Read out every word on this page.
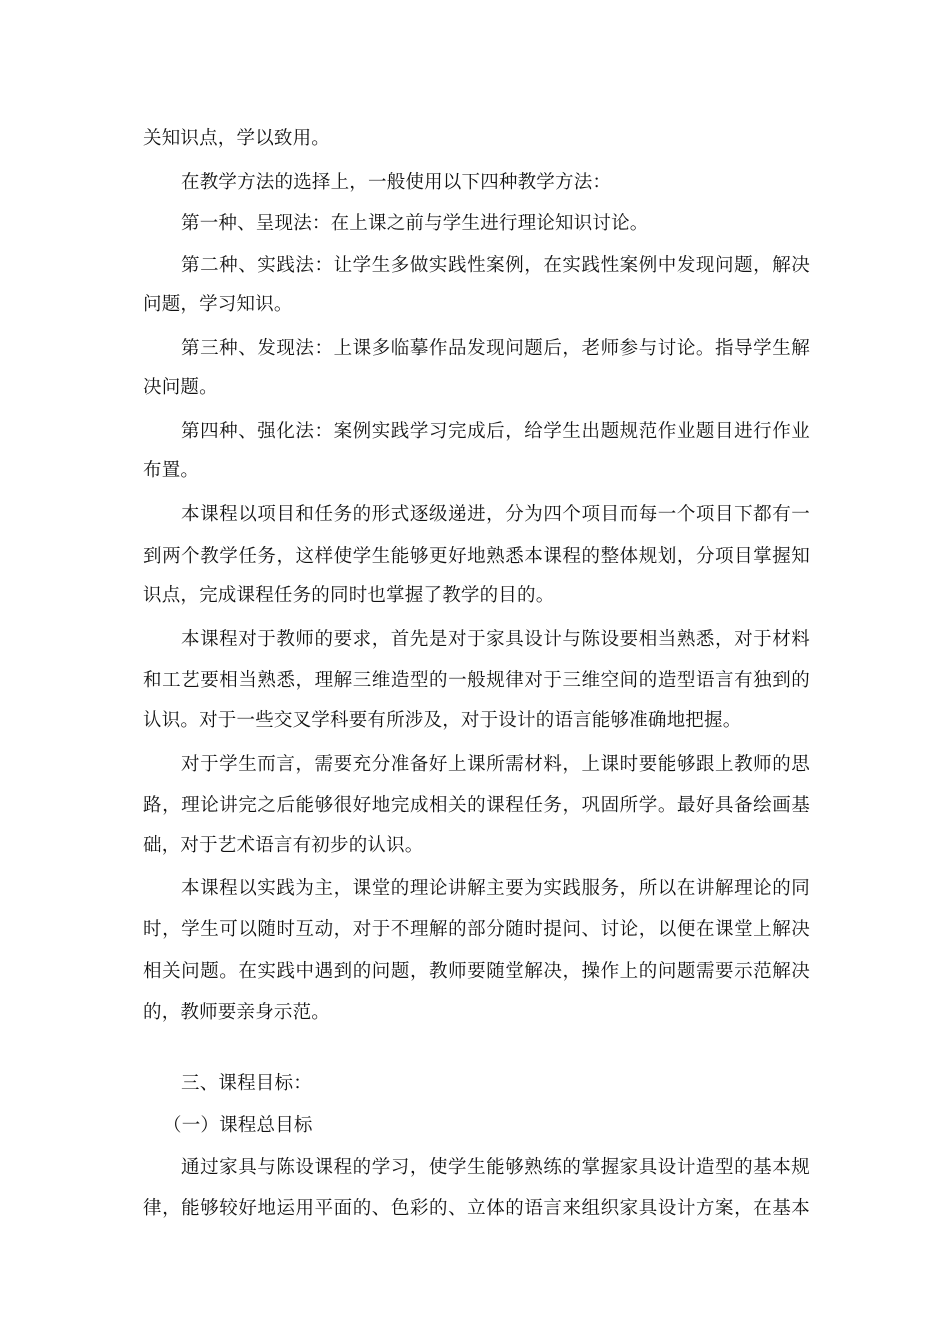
关知识点，学以致用。
在教学方法的选择上，一般使用以下四种教学方法：
第一种、呈现法：在上课之前与学生进行理论知识讨论。
第二种、实践法：让学生多做实践性案例，在实践性案例中发现问题，解决
问题，学习知识。
第三种、发现法：上课多临摹作品发现问题后，老师参与讨论。指导学生解
决问题。
第四种、强化法：案例实践学习完成后，给学生出题规范作业题目进行作业
布置。
本课程以项目和任务的形式逐级递进，分为四个项目而每一个项目下都有一
到两个教学任务，这样使学生能够更好地熟悉本课程的整体规划，分项目掌握知
识点，完成课程任务的同时也掌握了教学的目的。
本课程对于教师的要求，首先是对于家具设计与陈设要相当熟悉，对于材料
和工艺要相当熟悉，理解三维造型的一般规律对于三维空间的造型语言有独到的
认识。对于一些交叉学科要有所涉及，对于设计的语言能够准确地把握。
对于学生而言，需要充分准备好上课所需材料，上课时要能够跟上教师的思
路，理论讲完之后能够很好地完成相关的课程任务，巩固所学。最好具备绘画基
础，对于艺术语言有初步的认识。
本课程以实践为主，课堂的理论讲解主要为实践服务，所以在讲解理论的同
时，学生可以随时互动，对于不理解的部分随时提问、讨论，以便在课堂上解决
相关问题。在实践中遇到的问题，教师要随堂解决，操作上的问题需要示范解决
的，教师要亲身示范。
三、课程目标：
（一）课程总目标
通过家具与陈设课程的学习，使学生能够熟练的掌握家具设计造型的基本规
律，能够较好地运用平面的、色彩的、立体的语言来组织家具设计方案，在基本
